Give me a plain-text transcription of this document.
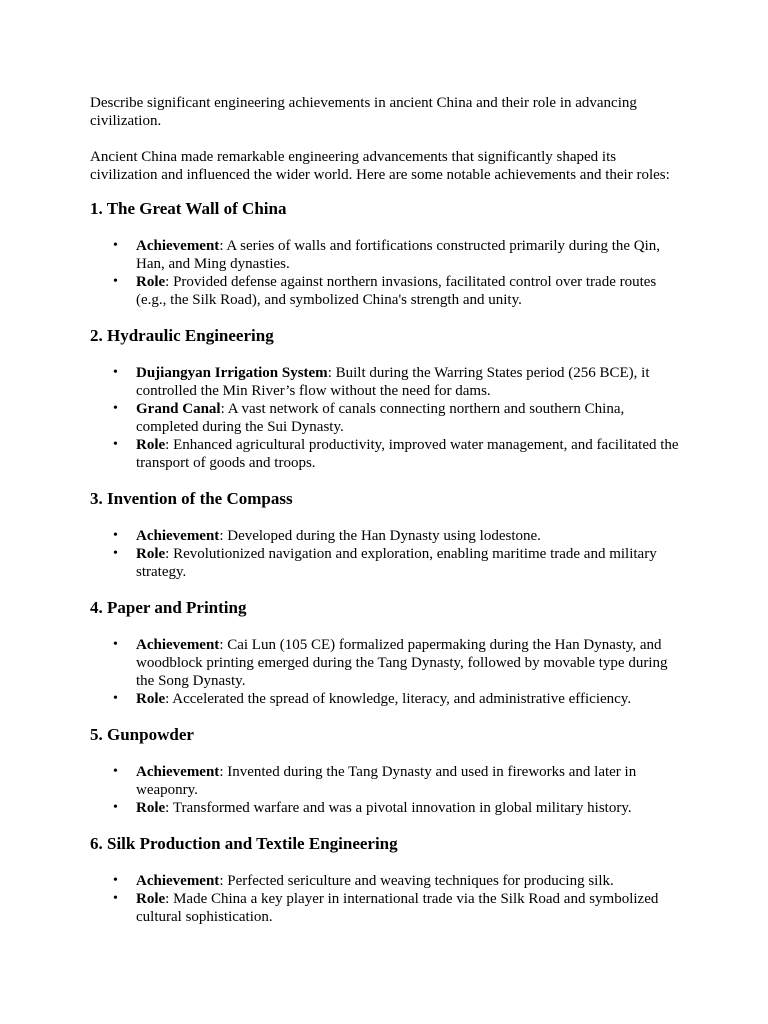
Describe significant engineering achievements in ancient China and their role in advancing civilization.

Ancient China made remarkable engineering advancements that significantly shaped its civilization and influenced the wider world. Here are some notable achievements and their roles:

1. The Great Wall of China
• Achievement: A series of walls and fortifications constructed primarily during the Qin, Han, and Ming dynasties.
• Role: Provided defense against northern invasions, facilitated control over trade routes (e.g., the Silk Road), and symbolized China's strength and unity.
2. Hydraulic Engineering
• Dujiangyan Irrigation System: Built during the Warring States period (256 BCE), it controlled the Min River’s flow without the need for dams.
• Grand Canal: A vast network of canals connecting northern and southern China, completed during the Sui Dynasty.
• Role: Enhanced agricultural productivity, improved water management, and facilitated the transport of goods and troops.
3. Invention of the Compass
• Achievement: Developed during the Han Dynasty using lodestone.
• Role: Revolutionized navigation and exploration, enabling maritime trade and military strategy.
4. Paper and Printing
• Achievement: Cai Lun (105 CE) formalized papermaking during the Han Dynasty, and woodblock printing emerged during the Tang Dynasty, followed by movable type during the Song Dynasty.
• Role: Accelerated the spread of knowledge, literacy, and administrative efficiency.
5. Gunpowder
• Achievement: Invented during the Tang Dynasty and used in fireworks and later in weaponry.
• Role: Transformed warfare and was a pivotal innovation in global military history.
6. Silk Production and Textile Engineering
• Achievement: Perfected sericulture and weaving techniques for producing silk.
• Role: Made China a key player in international trade via the Silk Road and symbolized cultural sophistication.
